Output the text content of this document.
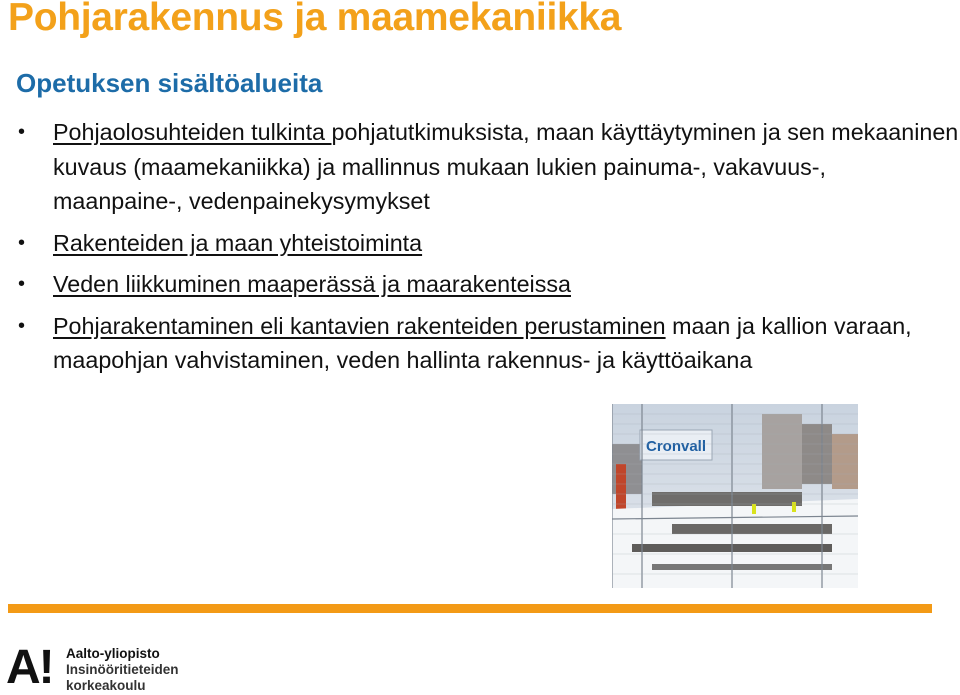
Pohjarakennus ja maamekaniikka
Opetuksen sisältöalueita
• Pohjaolosuhteiden tulkinta pohjatutkimuksista, maan käyttäytyminen ja sen mekaaninen kuvaus (maamekaniikka) ja mallinnus mukaan lukien painuma-, vakavuus-, maanpaine-, vedenpainekysymykset
• Rakenteiden ja maan yhteistoiminta
• Veden liikkuminen maaperässä ja maarakenteissa
• Pohjarakentaminen eli kantavien rakenteiden perustaminen maan ja kallion varaan, maapohjan vahvistaminen, veden hallinta rakennus- ja käyttöaikana
Cronvall
A! Aalto-yliopisto
Insinööritieteiden
korkeakoulu
